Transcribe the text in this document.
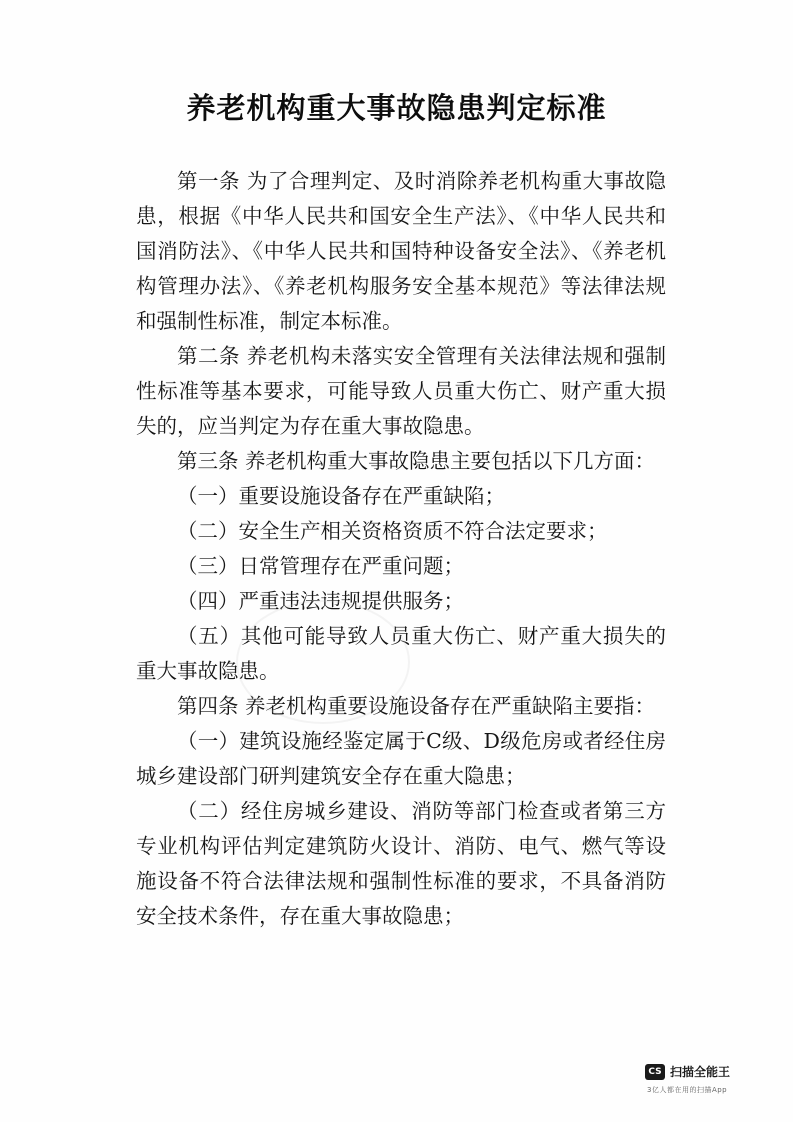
养老机构重大事故隐患判定标准

第一条 为了合理判定、及时消除养老机构重大事故隐患，根据《中华人民共和国安全生产法》、《中华人民共和国消防法》、《中华人民共和国特种设备安全法》、《养老机构管理办法》、《养老机构服务安全基本规范》等法律法规和强制性标准，制定本标准。

第二条 养老机构未落实安全管理有关法律法规和强制性标准等基本要求，可能导致人员重大伤亡、财产重大损失的，应当判定为存在重大事故隐患。

第三条 养老机构重大事故隐患主要包括以下几方面：

（一）重要设施设备存在严重缺陷；

（二）安全生产相关资格资质不符合法定要求；

（三）日常管理存在严重问题；

（四）严重违法违规提供服务；

（五）其他可能导致人员重大伤亡、财产重大损失的重大事故隐患。

第四条 养老机构重要设施设备存在严重缺陷主要指：

（一）建筑设施经鉴定属于C级、D级危房或者经住房城乡建设部门研判建筑安全存在重大隐患；

（二）经住房城乡建设、消防等部门检查或者第三方专业机构评估判定建筑防火设计、消防、电气、燃气等设施设备不符合法律法规和强制性标准的要求，不具备消防安全技术条件，存在重大事故隐患；

CS 扫描全能王
3亿人都在用的扫描App
